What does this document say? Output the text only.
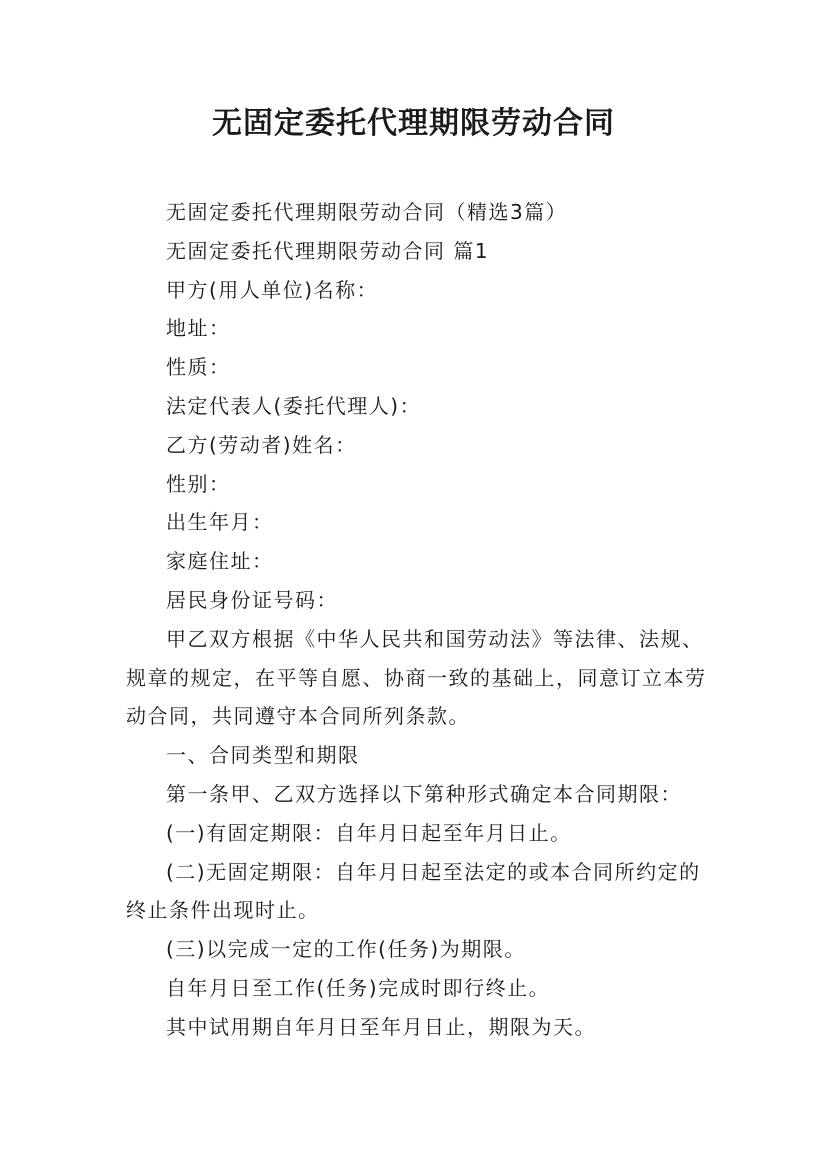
无固定委托代理期限劳动合同

无固定委托代理期限劳动合同（精选3篇）

无固定委托代理期限劳动合同 篇1

甲方(用人单位)名称：

地址：

性质：

法定代表人(委托代理人)：

乙方(劳动者)姓名：

性别：

出生年月：

家庭住址：

居民身份证号码：

甲乙双方根据《中华人民共和国劳动法》等法律、法规、规章的规定，在平等自愿、协商一致的基础上，同意订立本劳动合同，共同遵守本合同所列条款。

一、合同类型和期限

第一条甲、乙双方选择以下第种形式确定本合同期限：

(一)有固定期限：自年月日起至年月日止。

(二)无固定期限：自年月日起至法定的或本合同所约定的终止条件出现时止。

(三)以完成一定的工作(任务)为期限。

自年月日至工作(任务)完成时即行终止。

其中试用期自年月日至年月日止，期限为天。
